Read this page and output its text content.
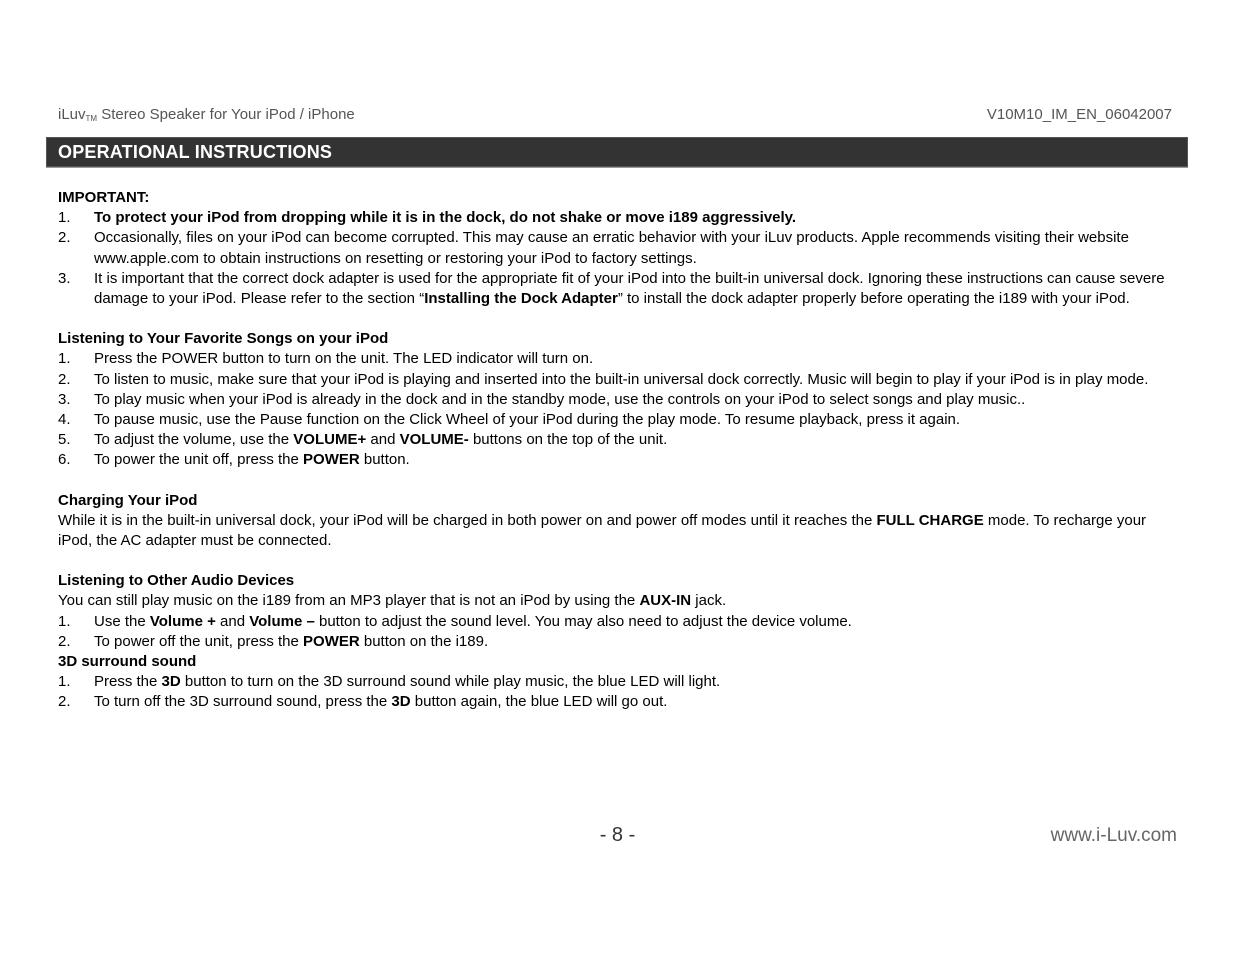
iLuv$_{TM}$ Stereo Speaker for Your iPod / iPhone	V10M10_IM_EN_06042007
OPERATIONAL INSTRUCTIONS
IMPORTANT:
1.	To protect your iPod from dropping while it is in the dock, do not shake or move i189 aggressively.
2.	Occasionally, files on your iPod can become corrupted. This may cause an erratic behavior with your iLuv products. Apple recommends visiting their website www.apple.com to obtain instructions on resetting or restoring your iPod to factory settings.
3.	It is important that the correct dock adapter is used for the appropriate fit of your iPod into the built-in universal dock. Ignoring these instructions can cause severe damage to your iPod. Please refer to the section “Installing the Dock Adapter” to install the dock adapter properly before operating the i189 with your iPod.
Listening to Your Favorite Songs on your iPod
1.	Press the POWER button to turn on the unit. The LED indicator will turn on.
2.	To listen to music, make sure that your iPod is playing and inserted into the built-in universal dock correctly. Music will begin to play if your iPod is in play mode.
3.	To play music when your iPod is already in the dock and in the standby mode, use the controls on your iPod to select songs and play music..
4.	To pause music, use the Pause function on the Click Wheel of your iPod during the play mode. To resume playback, press it again.
5.	To adjust the volume, use the VOLUME+ and VOLUME- buttons on the top of the unit.
6.	To power the unit off, press the POWER button.
Charging Your iPod
While it is in the built-in universal dock, your iPod will be charged in both power on and power off modes until it reaches the FULL CHARGE mode. To recharge your iPod, the AC adapter must be connected.
Listening to Other Audio Devices
You can still play music on the i189 from an MP3 player that is not an iPod by using the AUX-IN jack.
1.	Use the Volume + and Volume – button to adjust the sound level. You may also need to adjust the device volume.
2.	To power off the unit, press the POWER button on the i189.
3D surround sound
1.	Press the 3D button to turn on the 3D surround sound while play music, the blue LED will light.
2.	To turn off the 3D surround sound, press the 3D button again, the blue LED will go out.
- 8 -	www.i-Luv.com
